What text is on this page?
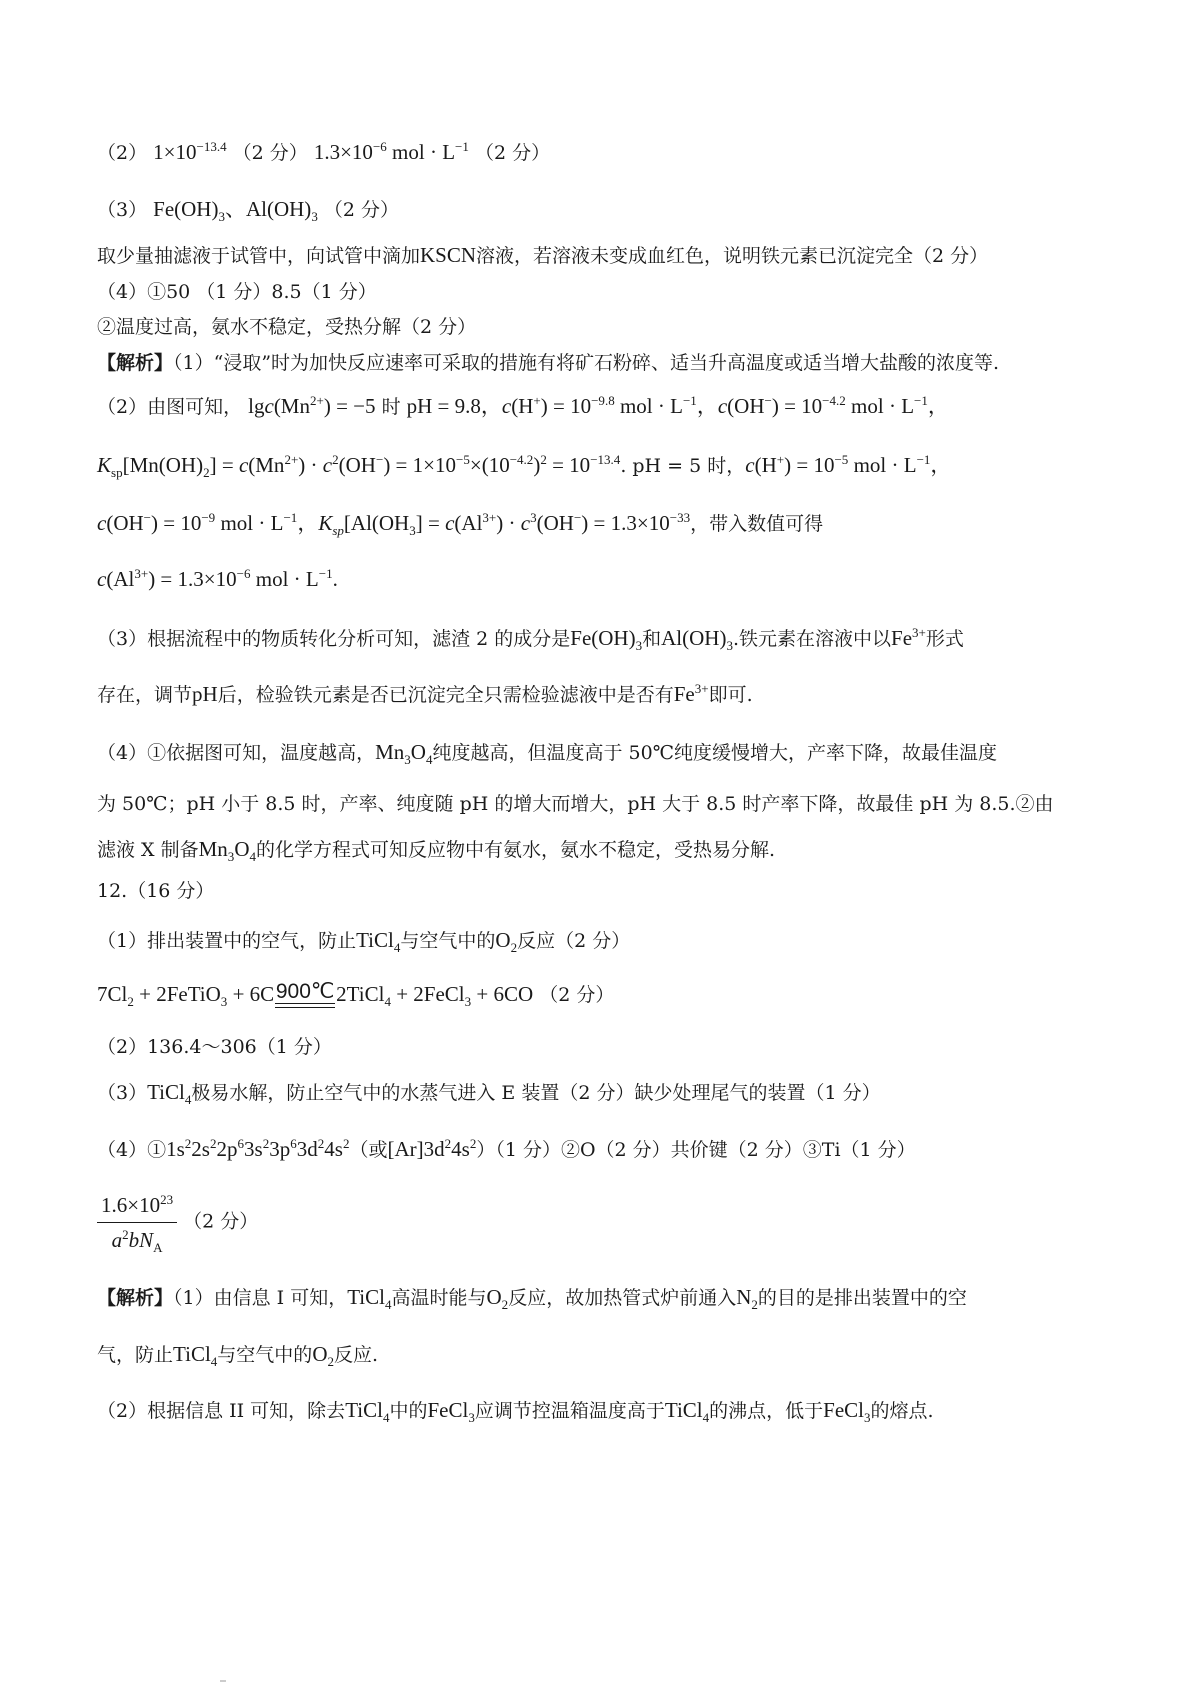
（2） $1\times 10^{-13.4}$ （2 分） $1.3\times 10^{-6}$ mol · $L^{-1}$ （2 分）
（3） $Fe(OH)_3$、$Al(OH)_3$ （2 分）
取少量抽滤液于试管中，向试管中滴加KSCN溶液，若溶液未变成血红色，说明铁元素已沉淀完全（2 分）
（4）①50 （1 分）8.5（1 分）
②温度过高，氨水不稳定，受热分解（2 分）
【解析】（1）“浸取”时为加快反应速率可采取的措施有将矿石粉碎、适当升高温度或适当增大盐酸的浓度等.
（2）由图可知， $\lg c(Mn^{2+}) = -5$ 时 pH = 9.8，$c(H^+) = 10^{-9.8}$ mol · $L^{-1}$，$c(OH^-) = 10^{-4.2}$ mol · $L^{-1}$，
$K_{sp}[Mn(OH)_2] = c(Mn^{2+}) \cdot c^2(OH^-) = 1\times 10^{-5}\times(10^{-4.2})^2 = 10^{-13.4}$. pH = 5 时，$c(H^+) = 10^{-5}$ mol · $L^{-1}$，
$c(OH^-) = 10^{-9}$ mol · $L^{-1}$，$K_{sp}[Al(OH_3] = c(Al^{3+}) \cdot c^3(OH^-) = 1.3\times 10^{-33}$，带入数值可得
$c(Al^{3+}) = 1.3\times 10^{-6}$ mol · $L^{-1}$.
（3）根据流程中的物质转化分析可知，滤渣 2 的成分是$Fe(OH)_3$和$Al(OH)_3$.铁元素在溶液中以$Fe^{3+}$形式
存在，调节pH后，检验铁元素是否已沉淀完全只需检验滤液中是否有$Fe^{3+}$即可.
（4）①依据图可知，温度越高，$Mn_3O_4$纯度越高，但温度高于 50℃纯度缓慢增大，产率下降，故最佳温度
为 50℃；pH 小于 8.5 时，产率、纯度随 pH 的增大而增大，pH 大于 8.5 时产率下降，故最佳 pH 为 8.5.②由
滤液 X 制备$Mn_3O_4$的化学方程式可知反应物中有氨水，氨水不稳定，受热易分解.
12.（16 分）
（1）排出装置中的空气，防止TiCl$_4$与空气中的$O_2$反应（2 分）
$7Cl_2$ + 2FeTiO$_3$ + 6C 900℃ 2TiCl$_4$ + 2FeCl$_3$ + 6CO （2 分）
（2）136.4～306（1 分）
（3）TiCl$_4$极易水解，防止空气中的水蒸气进入 E 装置（2 分）缺少处理尾气的装置（1 分）
$(4)①1s^22s^22p^63s^23p^63d^24s^2$（或$[Ar]3d^24s^2)(1$ 分）②O（2 分）共价键（2 分）③Ti（1 分）
$\frac{1.6\times 10^{23}}{a^2bN_A} (2$ 分）
【解析】（1）由信息 I 可知，TiCl$_4$高温时能与$O_2$反应，故加热管式炉前通入$N_2$的目的是排出装置中的空
气，防止TiCl$_4$与空气中的$O_2$反应.
（2）根据信息 II 可知，除去TiCl$_4$中的FeCl$_3$应调节控温箱温度高于TiCl$_4$的沸点，低于FeCl$_3$的熔点.
